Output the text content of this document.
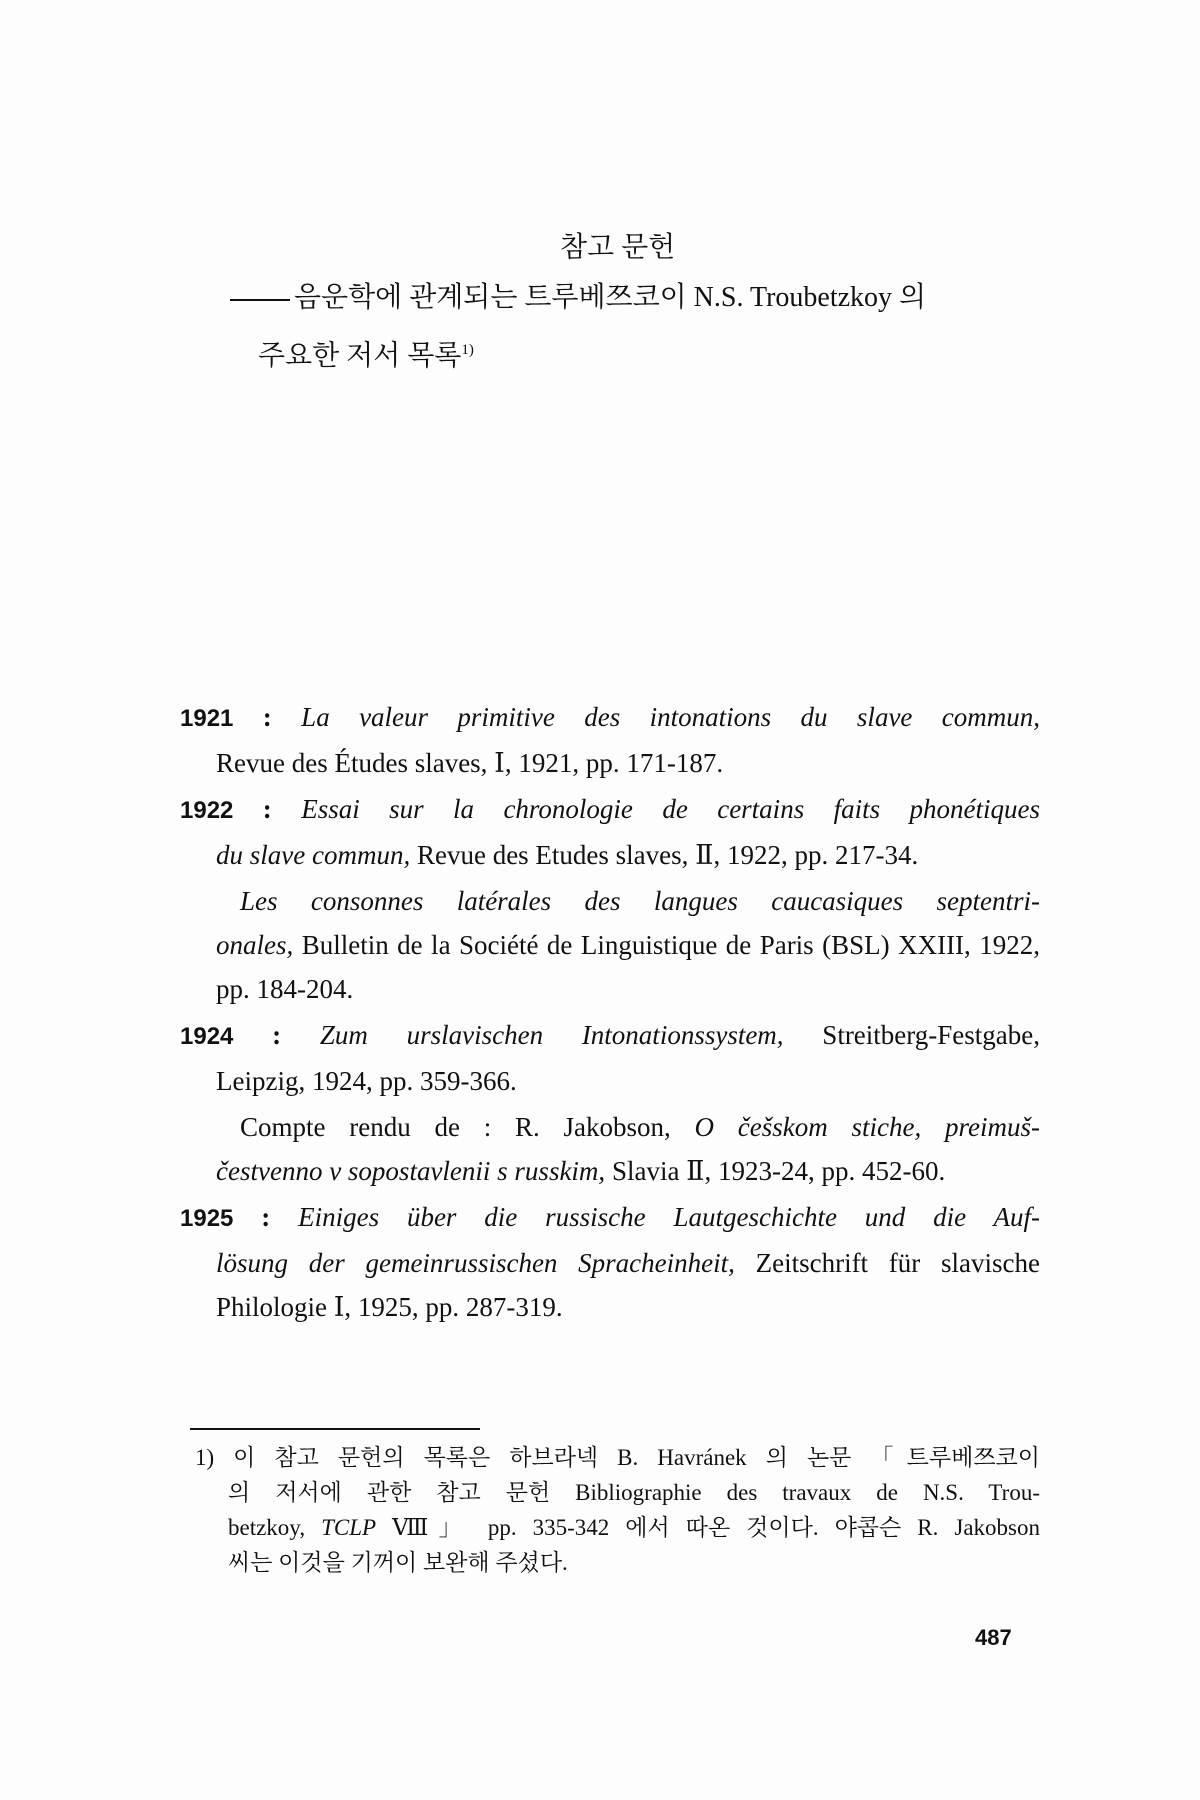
참고 문헌
음운학에 관계되는 트루베쯔코이 N.S. Troubetzkoy 의
주요한 저서 목록$^{1)}$
1921 : La valeur primitive des intonations du slave commun,
Revue des Études slaves, Ⅰ, 1921, pp. 171-187.
1922 : Essai sur la chronologie de certains faits phonétiques
du slave commun, Revue des Etudes slaves, Ⅱ, 1922, pp. 217-34.
Les consonnes latérales des langues caucasiques septentri-
onales, Bulletin de la Société de Linguistique de Paris (BSL) XXIII, 1922, pp. 184-204.
1924 : Zum urslavischen Intonationssystem, Streitberg-Festgabe,
Leipzig, 1924, pp. 359-366.
Compte rendu de : R. Jakobson, O češskom stiche, preimuš-
čestvenno v sopostavlenii s russkim, Slavia Ⅱ, 1923-24, pp. 452-60.
1925 : Einiges über die russische Lautgeschichte und die Auf-
lösung der gemeinrussischen Spracheinheit, Zeitschrift für slavische Philologie Ⅰ, 1925, pp. 287-319.
1) 이 참고 문헌의 목록은 하브라넥 B. Havránek 의 논문 「트루베쯔코이
의 저서에 관한 참고 문헌 Bibliographie des travaux de N.S. Trou-
betzkoy, TCLP Ⅷ」 pp. 335-342 에서 따온 것이다. 야콥슨 R. Jakobson
씨는 이것을 기꺼이 보완해 주셨다.
487
